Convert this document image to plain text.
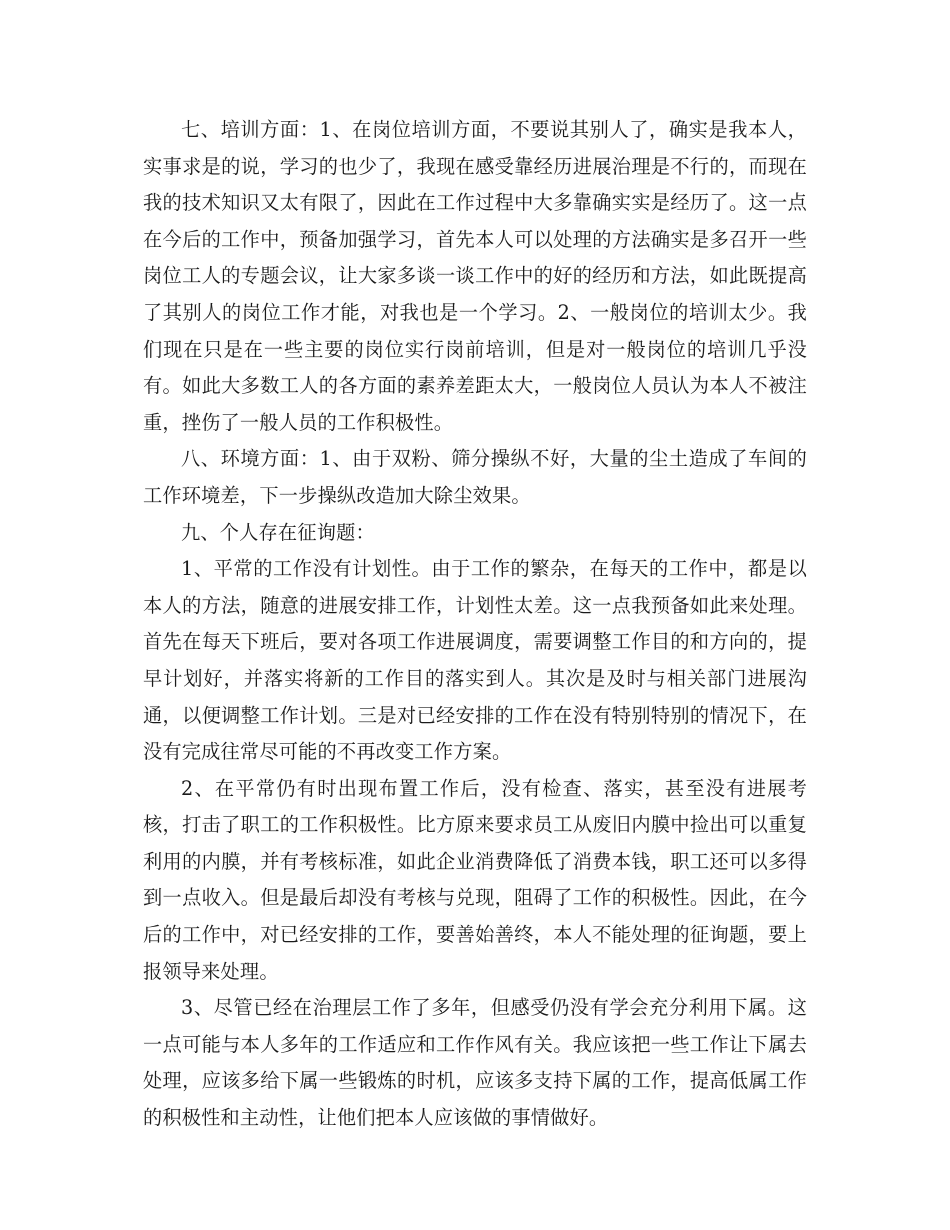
七、培训方面：1、在岗位培训方面，不要说其别人了，确实是我本人，实事求是的说，学习的也少了，我现在感受靠经历进展治理是不行的，而现在我的技术知识又太有限了，因此在工作过程中大多靠确实实是经历了。这一点在今后的工作中，预备加强学习，首先本人可以处理的方法确实是多召开一些岗位工人的专题会议，让大家多谈一谈工作中的好的经历和方法，如此既提高了其别人的岗位工作才能，对我也是一个学习。2、一般岗位的培训太少。我们现在只是在一些主要的岗位实行岗前培训，但是对一般岗位的培训几乎没有。如此大多数工人的各方面的素养差距太大，一般岗位人员认为本人不被注重，挫伤了一般人员的工作积极性。

八、环境方面：1、由于双粉、筛分操纵不好，大量的尘土造成了车间的工作环境差，下一步操纵改造加大除尘效果。

九、个人存在征询题：

1、平常的工作没有计划性。由于工作的繁杂，在每天的工作中，都是以本人的方法，随意的进展安排工作，计划性太差。这一点我预备如此来处理。首先在每天下班后，要对各项工作进展调度，需要调整工作目的和方向的，提早计划好，并落实将新的工作目的落实到人。其次是及时与相关部门进展沟通，以便调整工作计划。三是对已经安排的工作在没有特别特别的情况下，在没有完成往常尽可能的不再改变工作方案。

2、在平常仍有时出现布置工作后，没有检查、落实，甚至没有进展考核，打击了职工的工作积极性。比方原来要求员工从废旧内膜中捡出可以重复利用的内膜，并有考核标准，如此企业消费降低了消费本钱，职工还可以多得到一点收入。但是最后却没有考核与兑现，阻碍了工作的积极性。因此，在今后的工作中，对已经安排的工作，要善始善终，本人不能处理的征询题，要上报领导来处理。

3、尽管已经在治理层工作了多年，但感受仍没有学会充分利用下属。这一点可能与本人多年的工作适应和工作作风有关。我应该把一些工作让下属去处理，应该多给下属一些锻炼的时机，应该多支持下属的工作，提高低属工作的积极性和主动性，让他们把本人应该做的事情做好。
